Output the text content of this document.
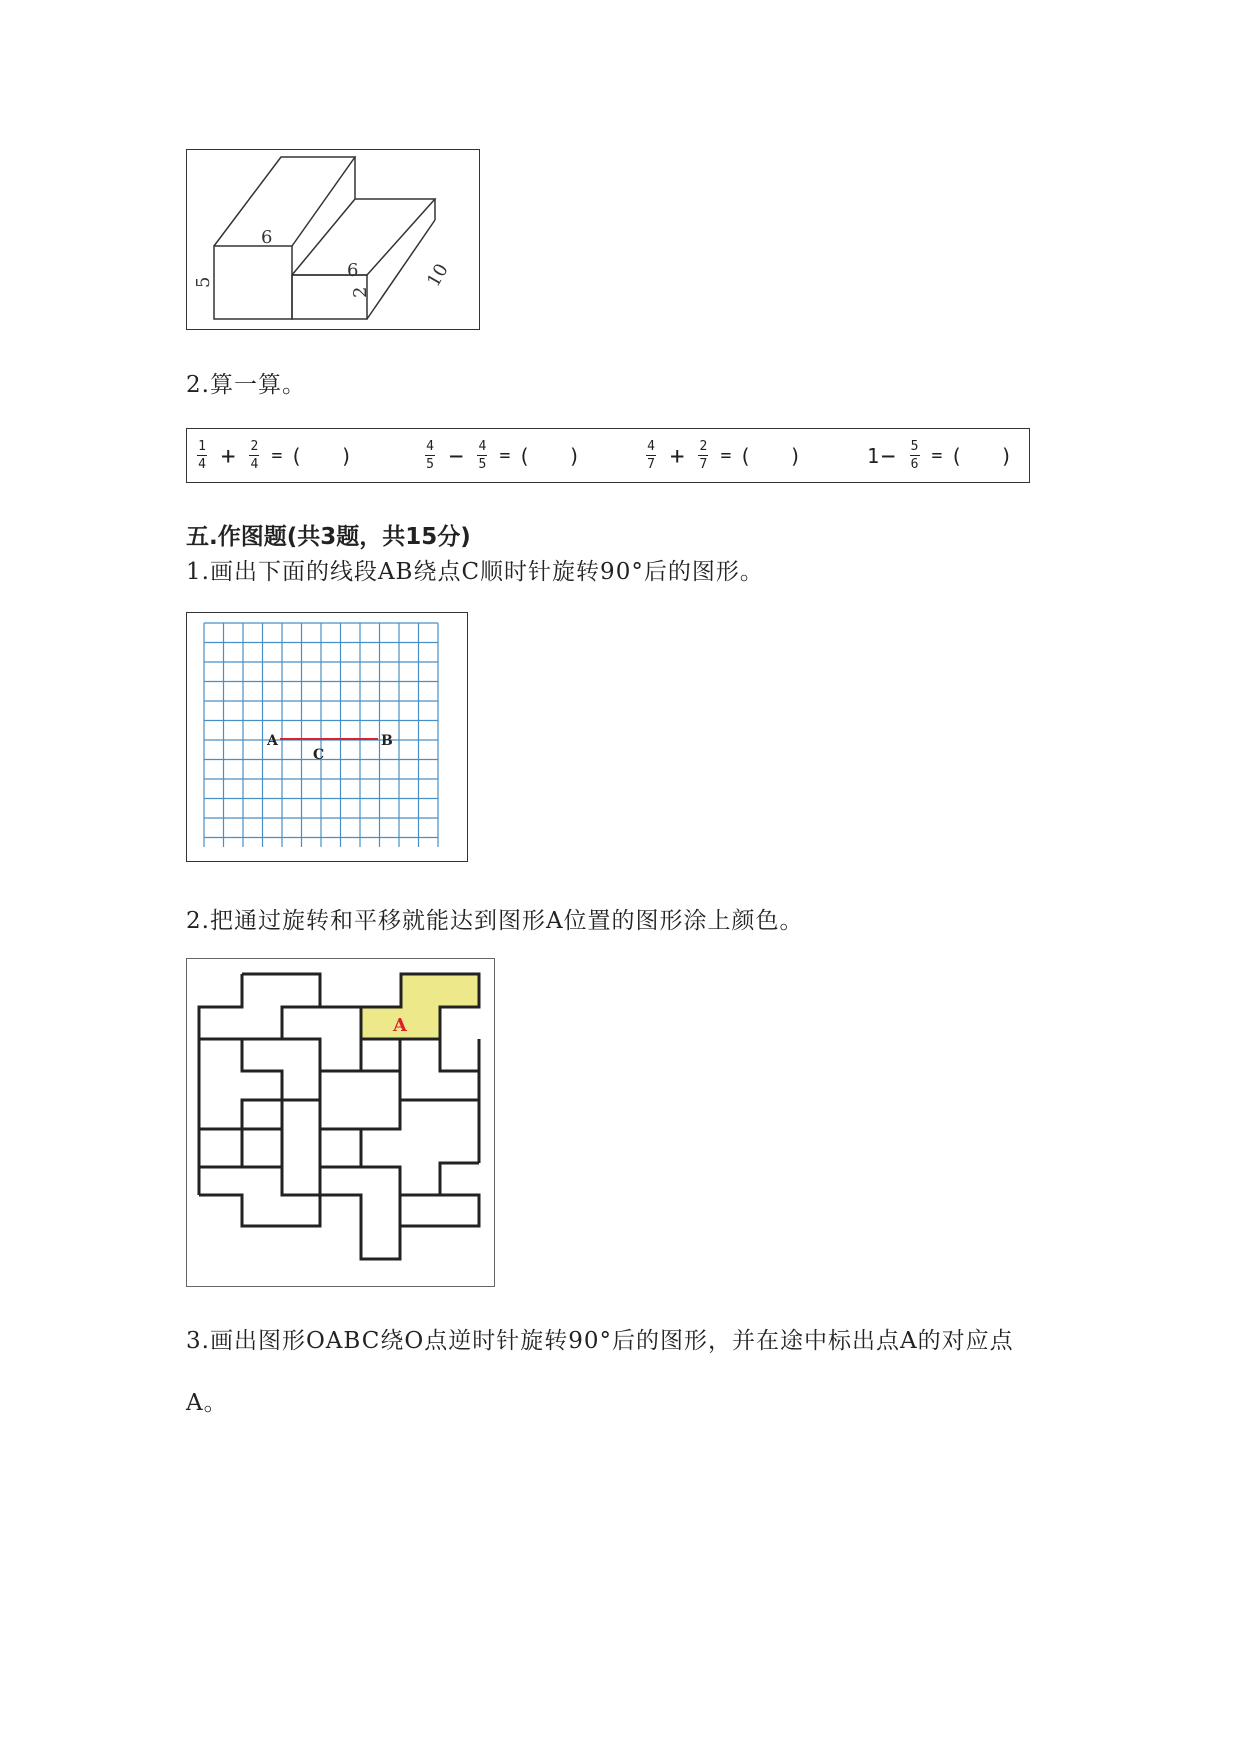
6
5
6
2
10
2.算一算。
$\frac{1}{4} + \frac{2}{4}$ = ( )	$\frac{4}{5} - \frac{4}{5}$ = ( )	$\frac{4}{7} + \frac{2}{7}$ = ( )	$1 - \frac{5}{6}$ = ( )
五.作图题(共3题，共15分)
1.画出下面的线段AB绕点C顺时针旋转90°后的图形。
A	B
C
2.把通过旋转和平移就能达到图形A位置的图形涂上颜色。
A
3.画出图形OABC绕O点逆时针旋转90°后的图形，并在途中标出点A的对应点
A。
